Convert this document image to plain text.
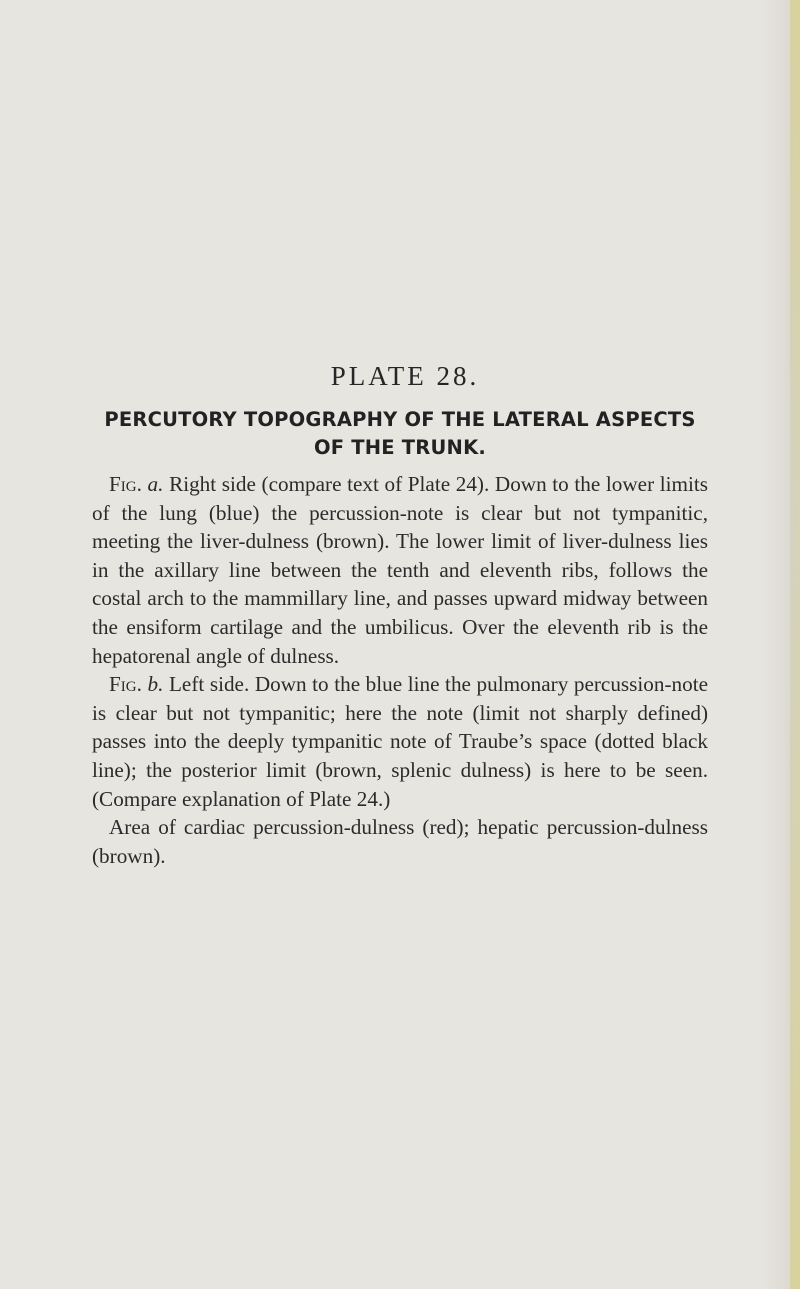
PLATE 28.
PERCUTORY TOPOGRAPHY OF THE LATERAL ASPECTS
OF THE TRUNK.

Fig. a. Right side (compare text of Plate 24). Down to the lower limits of the lung (blue) the percussion-note is clear but not tympanitic, meeting the liver-dulness (brown). The lower limit of liver-dulness lies in the axillary line between the tenth and eleventh ribs, follows the costal arch to the mammillary line, and passes upward midway between the ensiform cartilage and the umbilicus. Over the eleventh rib is the hepatorenal angle of dulness.

Fig. b. Left side. Down to the blue line the pulmonary percussion-note is clear but not tympanitic; here the note (limit not sharply defined) passes into the deeply tympanitic note of Traube’s space (dotted black line); the posterior limit (brown, splenic dulness) is here to be seen. (Compare explanation of Plate 24.)

Area of cardiac percussion-dulness (red); hepatic percussion-dulness (brown).
